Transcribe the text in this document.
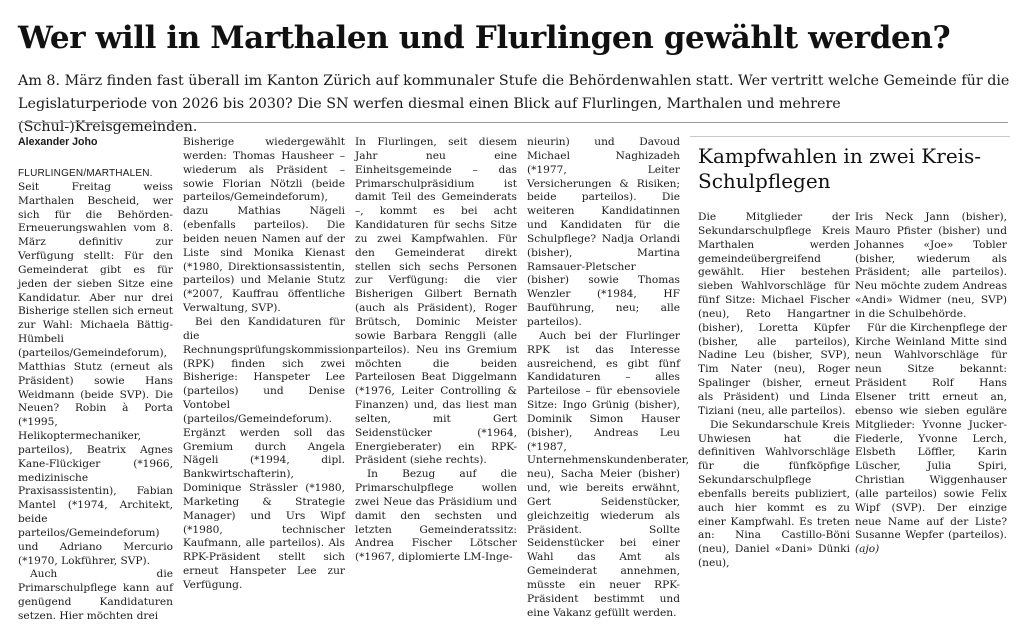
Wer will in Marthalen und Flurlingen gewählt werden?

Am 8. März finden fast überall im Kanton Zürich auf kommunaler Stufe die Behördenwahlen statt. Wer vertritt welche Gemeinde für die Legislaturperiode von 2026 bis 2030? Die SN werfen diesmal einen Blick auf Flurlingen, Marthalen und mehrere (Schul-)Kreisgemeinden.

Alexander Joho

FLURLINGEN/MARTHALEN. Seit Freitag weiss Marthalen Bescheid, wer sich für die Behörden-Erneuerungswahlen vom 8. März definitiv zur Verfügung stellt: Für den Gemeinderat gibt es für jeden der sieben Sitze eine Kandidatur. Aber nur drei Bisherige stellen sich erneut zur Wahl: Michaela Bättig-Hümbeli (parteilos/Gemeindeforum), Matthias Stutz (erneut als Präsident) sowie Hans Weidmann (beide SVP). Die Neuen? Robin à Porta (*1995, Helikoptermechaniker, parteilos), Beatrix Agnes Kane-Flückiger (*1966, medizinische Praxisassistentin), Fabian Mantel (*1974, Architekt, beide parteilos/Gemeindeforum) und Adriano Mercurio (*1970, Lokführer, SVP).

Auch die Primarschulpflege kann auf genügend Kandidaturen setzen. Hier möchten drei

Bisherige wiedergewählt werden: Thomas Hausheer – wiederum als Präsident – sowie Florian Nötzli (beide parteilos/Gemeindeforum), dazu Mathias Nägeli (ebenfalls parteilos). Die beiden neuen Namen auf der Liste sind Monika Kienast (*1980, Direktionsassistentin, parteilos) und Melanie Stutz (*2007, Kauffrau öffentliche Verwaltung, SVP).

Bei den Kandidaturen für die Rechnungsprüfungskommission (RPK) finden sich zwei Bisherige: Hanspeter Lee (parteilos) und Denise Vontobel (parteilos/Gemeindeforum). Ergänzt werden soll das Gremium durch Angela Nägeli (*1994, dipl. Bankwirtschafterin), Dominique Strässler (*1980, Marketing & Strategie Manager) und Urs Wipf (*1980, technischer Kaufmann, alle parteilos). Als RPK-Präsident stellt sich erneut Hanspeter Lee zur Verfügung.

In Flurlingen, seit diesem Jahr neu eine Einheitsgemeinde – das Primarschulpräsidium ist damit Teil des Gemeinderats –, kommt es bei acht Kandidaturen für sechs Sitze zu zwei Kampfwahlen. Für den Gemeinderat direkt stellen sich sechs Personen zur Verfügung: die vier Bisherigen Gilbert Bernath (auch als Präsident), Roger Brütsch, Dominic Meister sowie Barbara Renggli (alle parteilos). Neu ins Gremium möchten die beiden Parteilosen Beat Diggelmann (*1976, Leiter Controlling & Finanzen) und, das liest man selten, mit Gert Seidenstücker (*1964, Energieberater) ein RPK-Präsident (siehe rechts).

In Bezug auf die Primarschulpflege wollen zwei Neue das Präsidium und damit den sechsten und letzten Gemeinderatssitz: Andrea Fischer Lötscher (*1967, diplomierte LM-Inge-

nieurin) und Davoud Michael Naghizadeh (*1977, Leiter Versicherungen & Risiken; beide parteilos). Die weiteren Kandidatinnen und Kandidaten für die Schulpflege? Nadja Orlandi (bisher), Martina Ramsauer-Pletscher (bisher) sowie Thomas Wenzler (*1984, HF Bauführung, neu; alle parteilos).

Auch bei der Flurlinger RPK ist das Interesse ausreichend, es gibt fünf Kandidaturen – alles Parteilose – für ebensoviele Sitze: Ingo Grünig (bisher), Dominik Simon Hauser (bisher), Andreas Leu (*1987, Unternehmenskundenberater, neu), Sacha Meier (bisher) und, wie bereits erwähnt, Gert Seidenstücker, gleichzeitig wiederum als Präsident. Sollte Seidenstücker bei einer Wahl das Amt als Gemeinderat annehmen, müsste ein neuer RPK-Präsident bestimmt und eine Vakanz gefüllt werden.

Kampfwahlen in zwei Kreis-Schulpflegen

Die Mitglieder der Sekundarschulpflege Kreis Marthalen werden gemeindeübergreifend gewählt. Hier bestehen sieben Wahlvorschläge für fünf Sitze: Michael Fischer (neu), Reto Hangartner (bisher), Loretta Küpfer (bisher, alle parteilos), Nadine Leu (bisher, SVP), Tim Nater (neu), Roger Spalinger (bisher, erneut als Präsident) und Linda Tiziani (neu, alle parteilos).

Die Sekundarschule Kreis Uhwiesen hat die definitiven Wahlvorschläge für die fünfköpfige Sekundarschulpflege ebenfalls bereits publiziert, auch hier kommt es zu einer Kampfwahl. Es treten an: Nina Castillo-Böni (neu), Daniel «Dani» Dünki (neu),

Iris Neck Jann (bisher), Mauro Pfister (bisher) und Johannes «Joe» Tobler (bisher, wiederum als Präsident; alle parteilos). Neu möchte zudem Andreas «Andi» Widmer (neu, SVP) in die Schulbehörde.

Für die Kirchenpflege der Kirche Weinland Mitte sind neun Wahlvorschläge für neun Sitze bekannt: Präsident Rolf Hans Elsener tritt erneut an, ebenso wie sieben eguläre Mitglieder: Yvonne Jucker-Fiederle, Yvonne Lerch, Elsbeth Löffler, Karin Lüscher, Julia Spiri, Christian Wiggenhauser (alle parteilos) sowie Felix Wipf (SVP). Der einzige neue Name auf der Liste? Susanne Wepfer (parteilos). (ajo)
